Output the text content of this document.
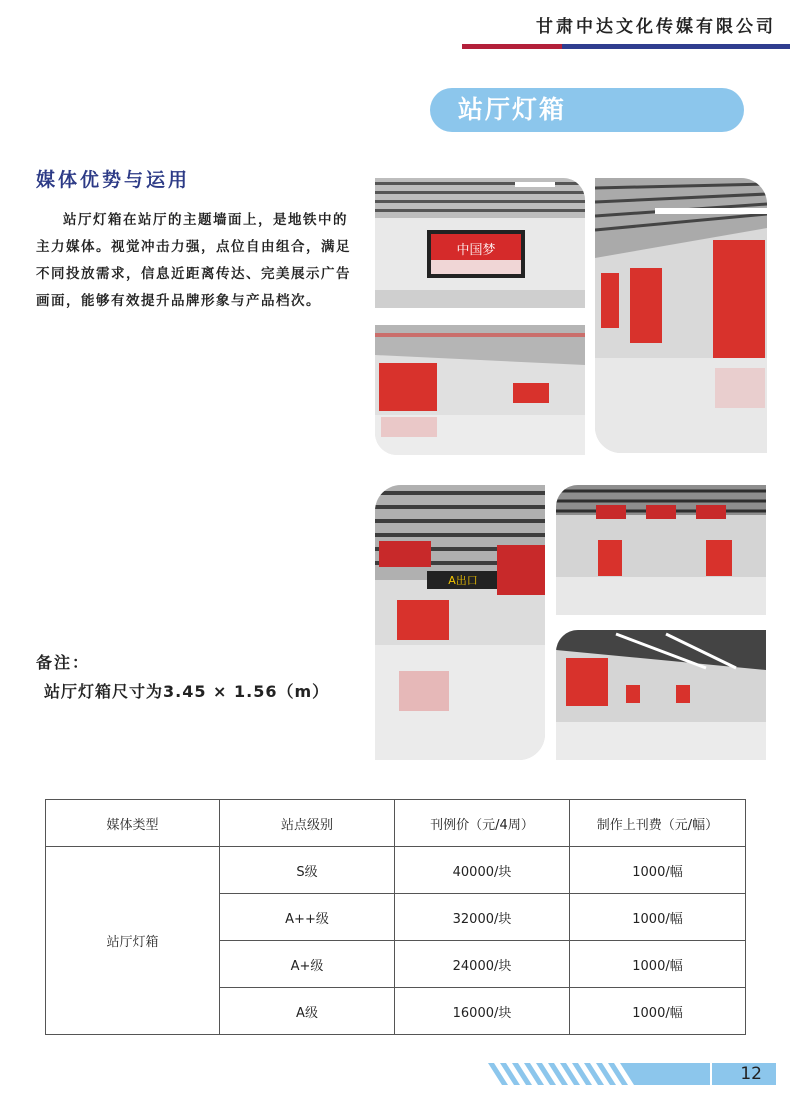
甘肃中达文化传媒有限公司
站厅灯箱
媒体优势与运用

站厅灯箱在站厅的主题墙面上，是地铁中的主力媒体。视觉冲击力强，点位自由组合，满足不同投放需求，信息近距离传达、完美展示广告画面，能够有效提升品牌形象与产品档次。

中国梦
A出口
备注：
站厅灯箱尺寸为3.45 × 1.56（m）
媒体类型	站点级别	刊例价（元/4周）	制作上刊费（元/幅）
站厅灯箱	S级	40000/块	1000/幅
	A++级	32000/块	1000/幅
	A+级	24000/块	1000/幅
	A级	16000/块	1000/幅
12
